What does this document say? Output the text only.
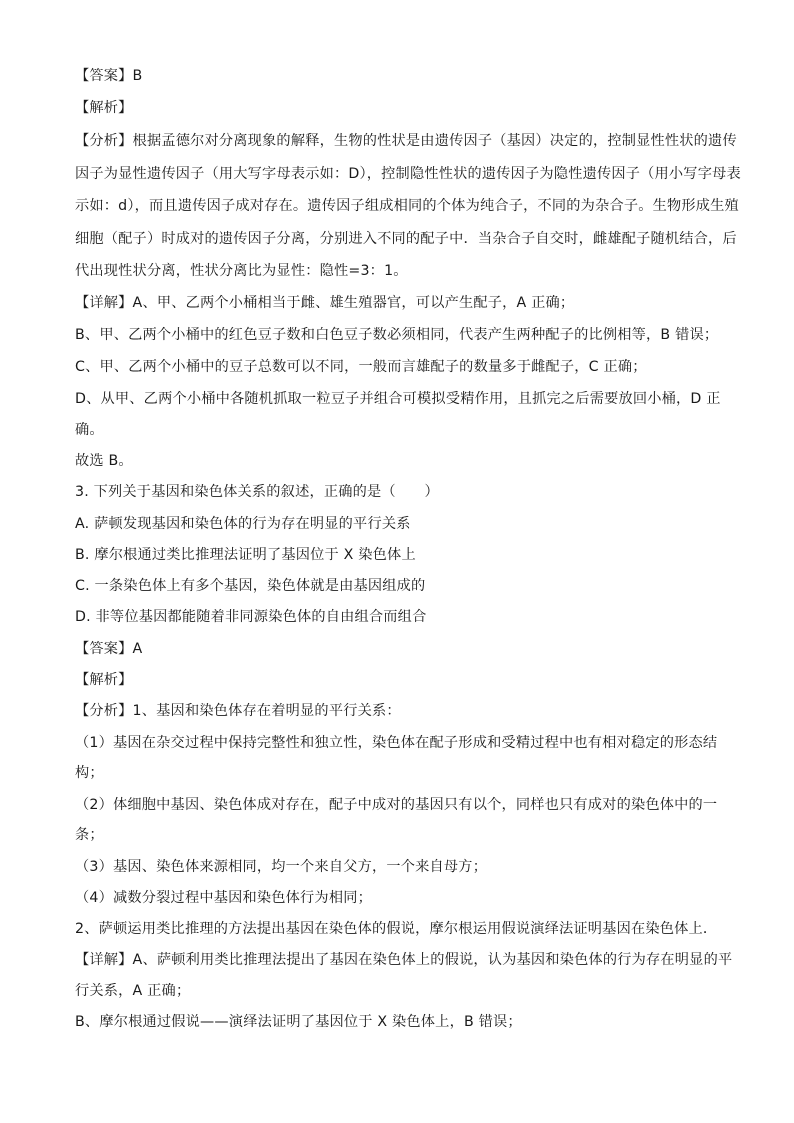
【答案】B
【解析】
【分析】根据孟德尔对分离现象的解释，生物的性状是由遗传因子（基因）决定的，控制显性性状的遗传
因子为显性遗传因子（用大写字母表示如：D），控制隐性性状的遗传因子为隐性遗传因子（用小写字母表
示如：d），而且遗传因子成对存在。遗传因子组成相同的个体为纯合子，不同的为杂合子。生物形成生殖
细胞（配子）时成对的遗传因子分离，分别进入不同的配子中．当杂合子自交时，雌雄配子随机结合，后
代出现性状分离，性状分离比为显性：隐性=3：1。
【详解】A、甲、乙两个小桶相当于雌、雄生殖器官，可以产生配子，A 正确；
B、甲、乙两个小桶中的红色豆子数和白色豆子数必须相同，代表产生两种配子的比例相等，B 错误；
C、甲、乙两个小桶中的豆子总数可以不同，一般而言雄配子的数量多于雌配子，C 正确；
D、从甲、乙两个小桶中各随机抓取一粒豆子并组合可模拟受精作用，且抓完之后需要放回小桶，D 正
确。
故选 B。
3. 下列关于基因和染色体关系的叙述，正确的是（　　）
A. 萨顿发现基因和染色体的行为存在明显的平行关系
B. 摩尔根通过类比推理法证明了基因位于 X 染色体上
C. 一条染色体上有多个基因，染色体就是由基因组成的
D. 非等位基因都能随着非同源染色体的自由组合而组合
【答案】A
【解析】
【分析】1、基因和染色体存在着明显的平行关系：
（1）基因在杂交过程中保持完整性和独立性，染色体在配子形成和受精过程中也有相对稳定的形态结
构；
（2）体细胞中基因、染色体成对存在，配子中成对的基因只有以个，同样也只有成对的染色体中的一
条；
（3）基因、染色体来源相同，均一个来自父方，一个来自母方；
（4）减数分裂过程中基因和染色体行为相同；
2、萨顿运用类比推理的方法提出基因在染色体的假说，摩尔根运用假说演绎法证明基因在染色体上．
【详解】A、萨顿利用类比推理法提出了基因在染色体上的假说，认为基因和染色体的行为存在明显的平
行关系，A 正确；
B、摩尔根通过假说——演绎法证明了基因位于 X 染色体上，B 错误；
